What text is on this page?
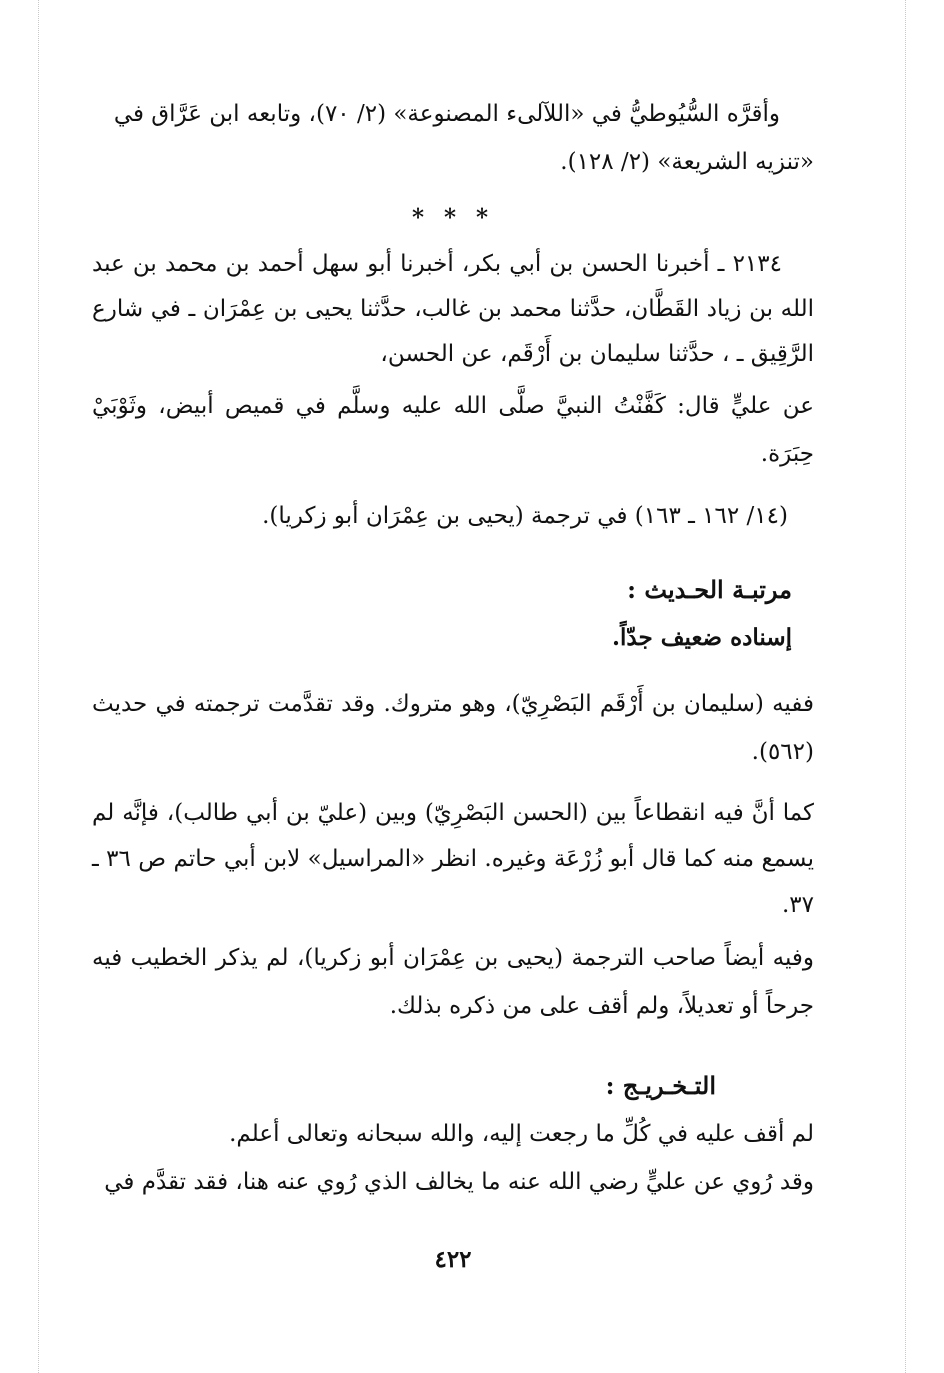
وأقرَّه السُّيُوطيُّ في «اللآلىء المصنوعة» (٢/ ٧٠)، وتابعه ابن عَرَّاق في

«تنزيه الشريعة» (٢/ ١٢٨).

* * *

٢١٣٤ ـ أخبرنا الحسن بن أبي بكر، أخبرنا أبو سهل أحمد بن محمد بن عبد الله بن زياد القَطَّان، حدَّثنا محمد بن غالب، حدَّثنا يحيى بن عِمْرَان ـ في شارع الرَّقِيق ـ ، حدَّثنا سليمان بن أَرْقَم، عن الحسن،

عن عليٍّ قال: كَفَّنْتُ النبيَّ صلَّى الله عليه وسلَّم في قميص أبيض، وثَوْبَيْ حِبَرَة.

(١٤/ ١٦٢ ـ ١٦٣) في ترجمة (يحيى بن عِمْرَان أبو زكريا).

مرتبـة الحـديث :

إسناده ضعيف جدّاً.

ففيه (سليمان بن أَرْقَم البَصْرِيّ)، وهو متروك. وقد تقدَّمت ترجمته في حديث (٥٦٢).

كما أنَّ فيه انقطاعاً بين (الحسن البَصْرِيّ) وبين (عليّ بن أبي طالب)، فإنَّه لم يسمع منه كما قال أبو زُرْعَة وغيره. انظر «المراسيل» لابن أبي حاتم ص ٣٦ ـ ٣٧.

وفيه أيضاً صاحب الترجمة (يحيى بن عِمْرَان أبو زكريا)، لم يذكر الخطيب فيه جرحاً أو تعديلاً، ولم أقف على من ذكره بذلك.

التـخـريـج :

لم أقف عليه في كُلِّ ما رجعت إليه، والله سبحانه وتعالى أعلم.

وقد رُوي عن عليٍّ رضي الله عنه ما يخالف الذي رُوي عنه هنا، فقد تقدَّم في

٤٢٢
